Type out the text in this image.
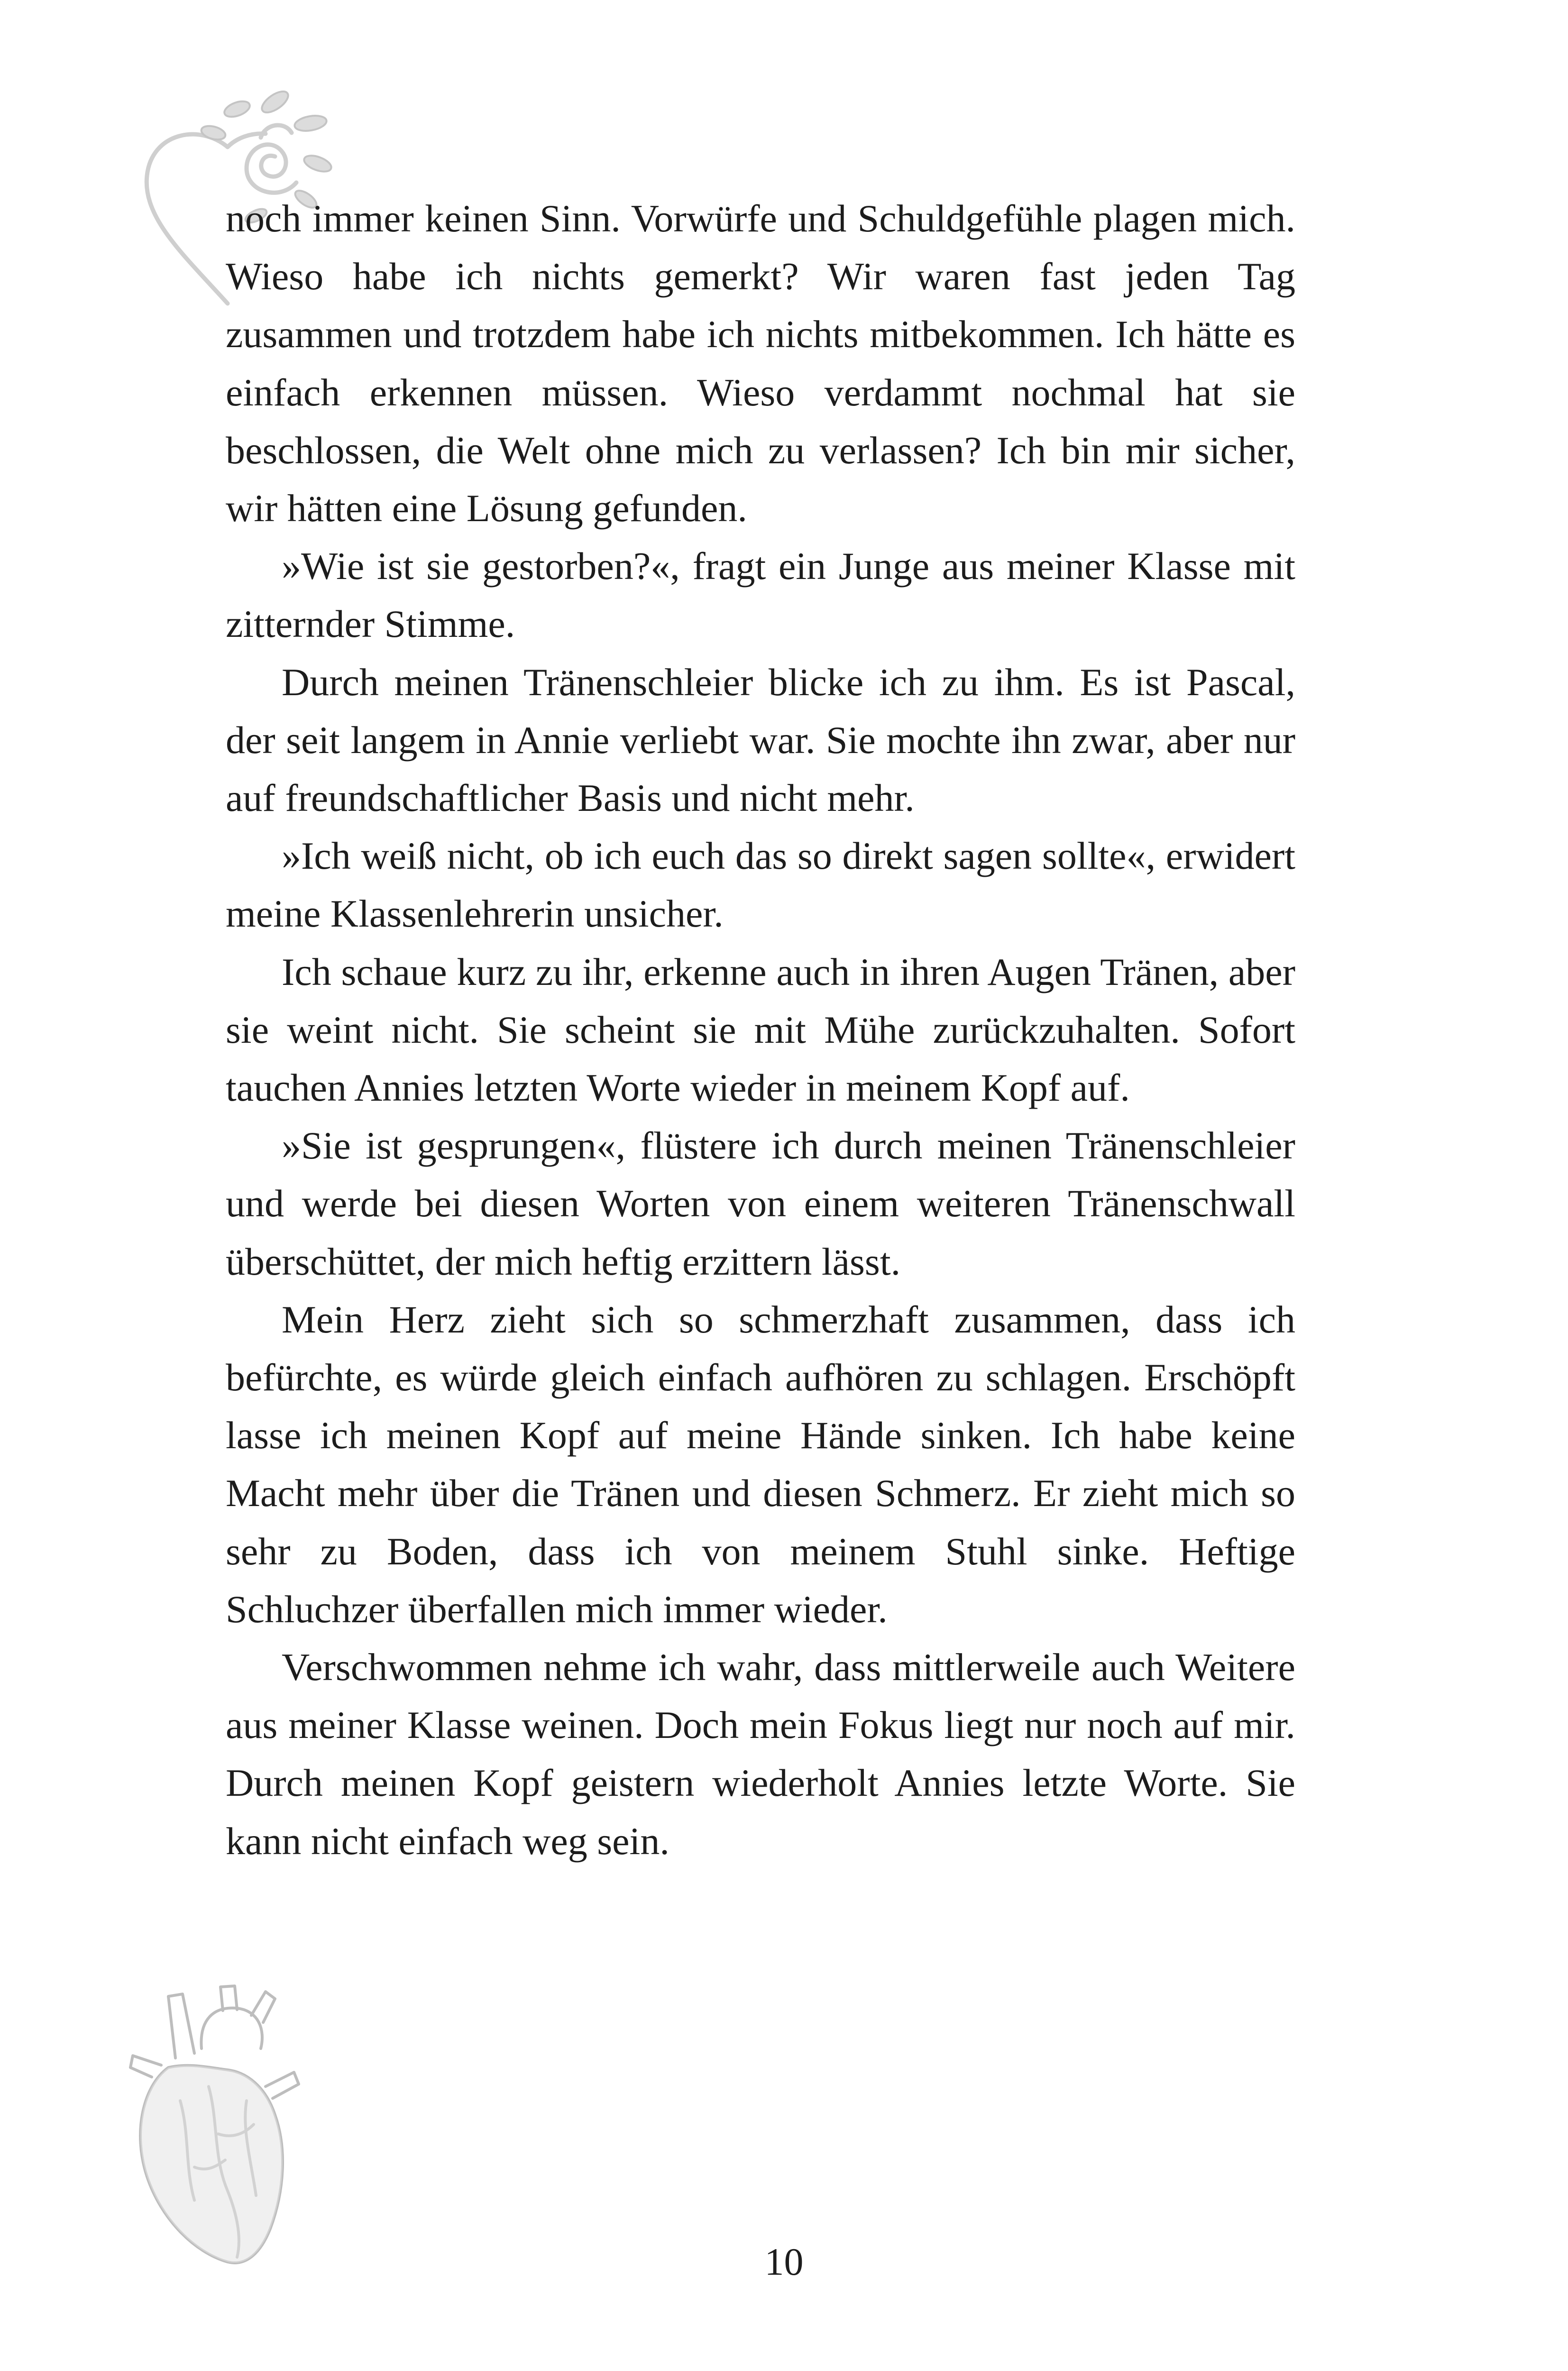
noch immer keinen Sinn. Vorwürfe und Schuldgefühle plagen mich. Wieso habe ich nichts gemerkt? Wir waren fast jeden Tag zusammen und trotzdem habe ich nichts mitbekommen. Ich hätte es einfach erkennen müssen. Wieso verdammt nochmal hat sie beschlossen, die Welt ohne mich zu verlassen? Ich bin mir sicher, wir hätten eine Lösung gefunden.

»Wie ist sie gestorben?«, fragt ein Junge aus meiner Klasse mit zitternder Stimme.

Durch meinen Tränenschleier blicke ich zu ihm. Es ist Pascal, der seit langem in Annie verliebt war. Sie mochte ihn zwar, aber nur auf freundschaftlicher Basis und nicht mehr.

»Ich weiß nicht, ob ich euch das so direkt sagen sollte«, erwidert meine Klassenlehrerin unsicher.

Ich schaue kurz zu ihr, erkenne auch in ihren Augen Tränen, aber sie weint nicht. Sie scheint sie mit Mühe zurückzuhalten. Sofort tauchen Annies letzten Worte wieder in meinem Kopf auf.

»Sie ist gesprungen«, flüstere ich durch meinen Tränenschleier und werde bei diesen Worten von einem weiteren Tränenschwall überschüttet, der mich heftig erzittern lässt.

Mein Herz zieht sich so schmerzhaft zusammen, dass ich befürchte, es würde gleich einfach aufhören zu schlagen. Erschöpft lasse ich meinen Kopf auf meine Hände sinken. Ich habe keine Macht mehr über die Tränen und diesen Schmerz. Er zieht mich so sehr zu Boden, dass ich von meinem Stuhl sinke. Heftige Schluchzer überfallen mich immer wieder.

Verschwommen nehme ich wahr, dass mittlerweile auch Weitere aus meiner Klasse weinen. Doch mein Fokus liegt nur noch auf mir. Durch meinen Kopf geistern wiederholt Annies letzte Worte. Sie kann nicht einfach weg sein.

10
